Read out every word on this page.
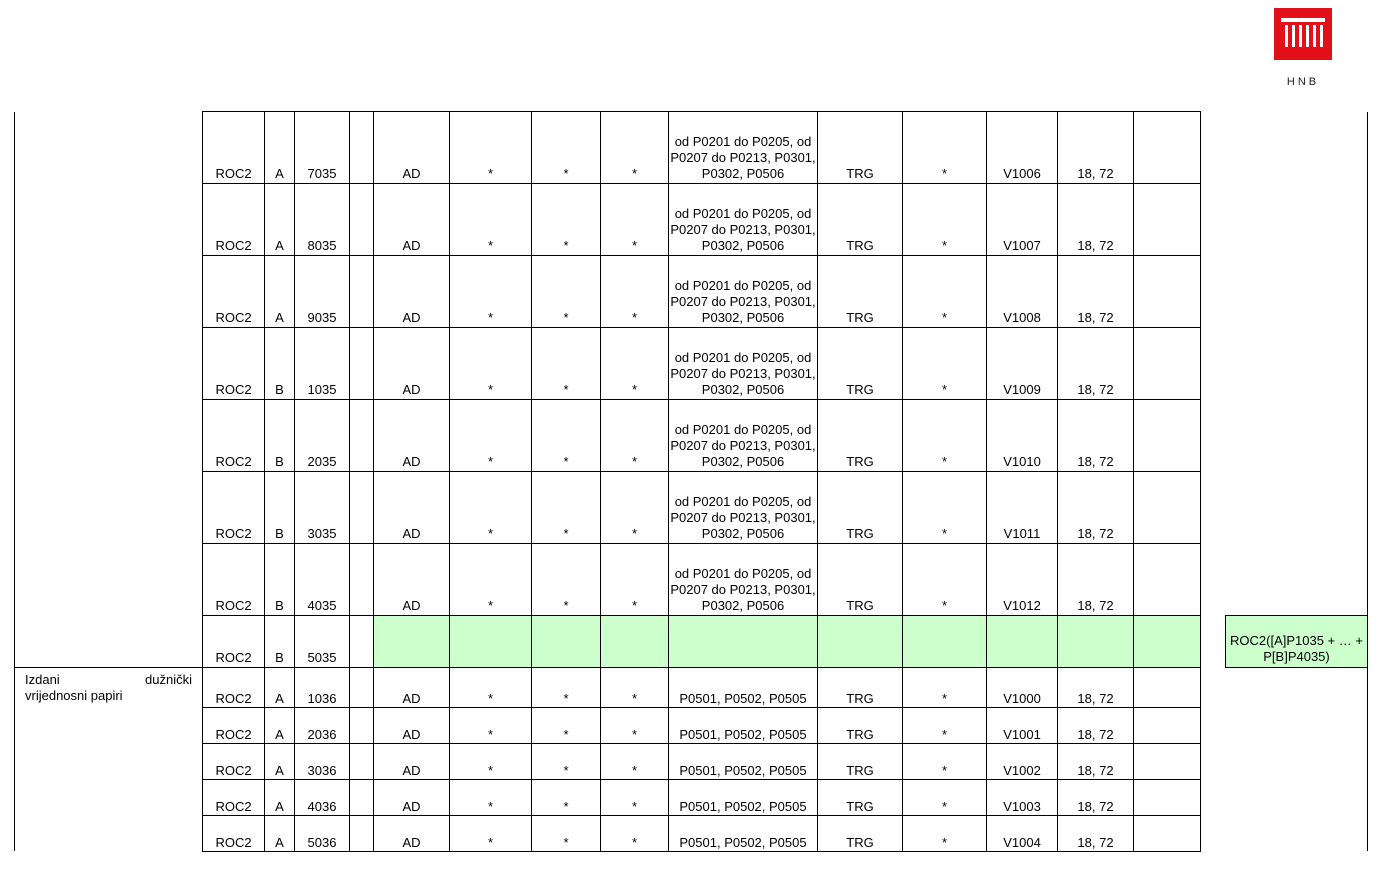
HNB
	ROC2	A	7035		AD	*	*	*	od P0201 do P0205, od P0207 do P0213, P0301, P0302, P0506	TRG	*	V1006	18, 72			
	ROC2	A	8035		AD	*	*	*	od P0201 do P0205, od P0207 do P0213, P0301, P0302, P0506	TRG	*	V1007	18, 72			
	ROC2	A	9035		AD	*	*	*	od P0201 do P0205, od P0207 do P0213, P0301, P0302, P0506	TRG	*	V1008	18, 72			
	ROC2	B	1035		AD	*	*	*	od P0201 do P0205, od P0207 do P0213, P0301, P0302, P0506	TRG	*	V1009	18, 72			
	ROC2	B	2035		AD	*	*	*	od P0201 do P0205, od P0207 do P0213, P0301, P0302, P0506	TRG	*	V1010	18, 72			
	ROC2	B	3035		AD	*	*	*	od P0201 do P0205, od P0207 do P0213, P0301, P0302, P0506	TRG	*	V1011	18, 72			
	ROC2	B	4035		AD	*	*	*	od P0201 do P0205, od P0207 do P0213, P0301, P0302, P0506	TRG	*	V1012	18, 72			
	ROC2	B	5035													ROC2([A]P1035 + … + P[B]P4035)

Izdani dužnički
vrijednosni papiri	ROC2	A	1036		AD	*	*	*	P0501, P0502, P0505	TRG	*	V1000	18, 72			
	ROC2	A	2036		AD	*	*	*	P0501, P0502, P0505	TRG	*	V1001	18, 72			
	ROC2	A	3036		AD	*	*	*	P0501, P0502, P0505	TRG	*	V1002	18, 72			
	ROC2	A	4036		AD	*	*	*	P0501, P0502, P0505	TRG	*	V1003	18, 72			
	ROC2	A	5036		AD	*	*	*	P0501, P0502, P0505	TRG	*	V1004	18, 72			
